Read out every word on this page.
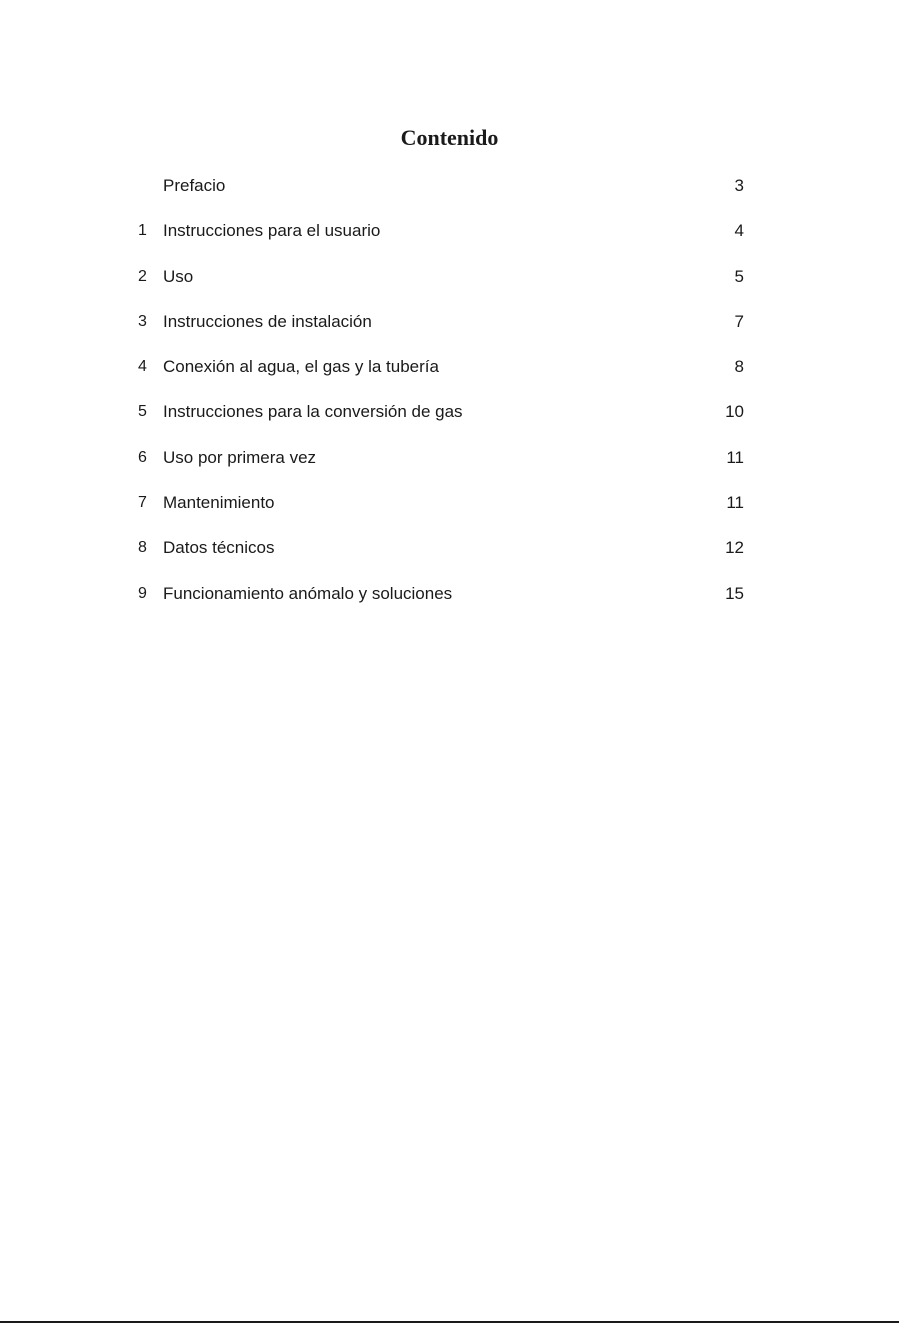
Contenido
Prefacio	3
1 Instrucciones para el usuario	4
2 Uso	5
3 Instrucciones de instalación	7
4 Conexión al agua, el gas y la tubería	8
5 Instrucciones para la conversión de gas	10
6 Uso por primera vez	11
7 Mantenimiento	11
8 Datos técnicos	12
9 Funcionamiento anómalo y soluciones	15
